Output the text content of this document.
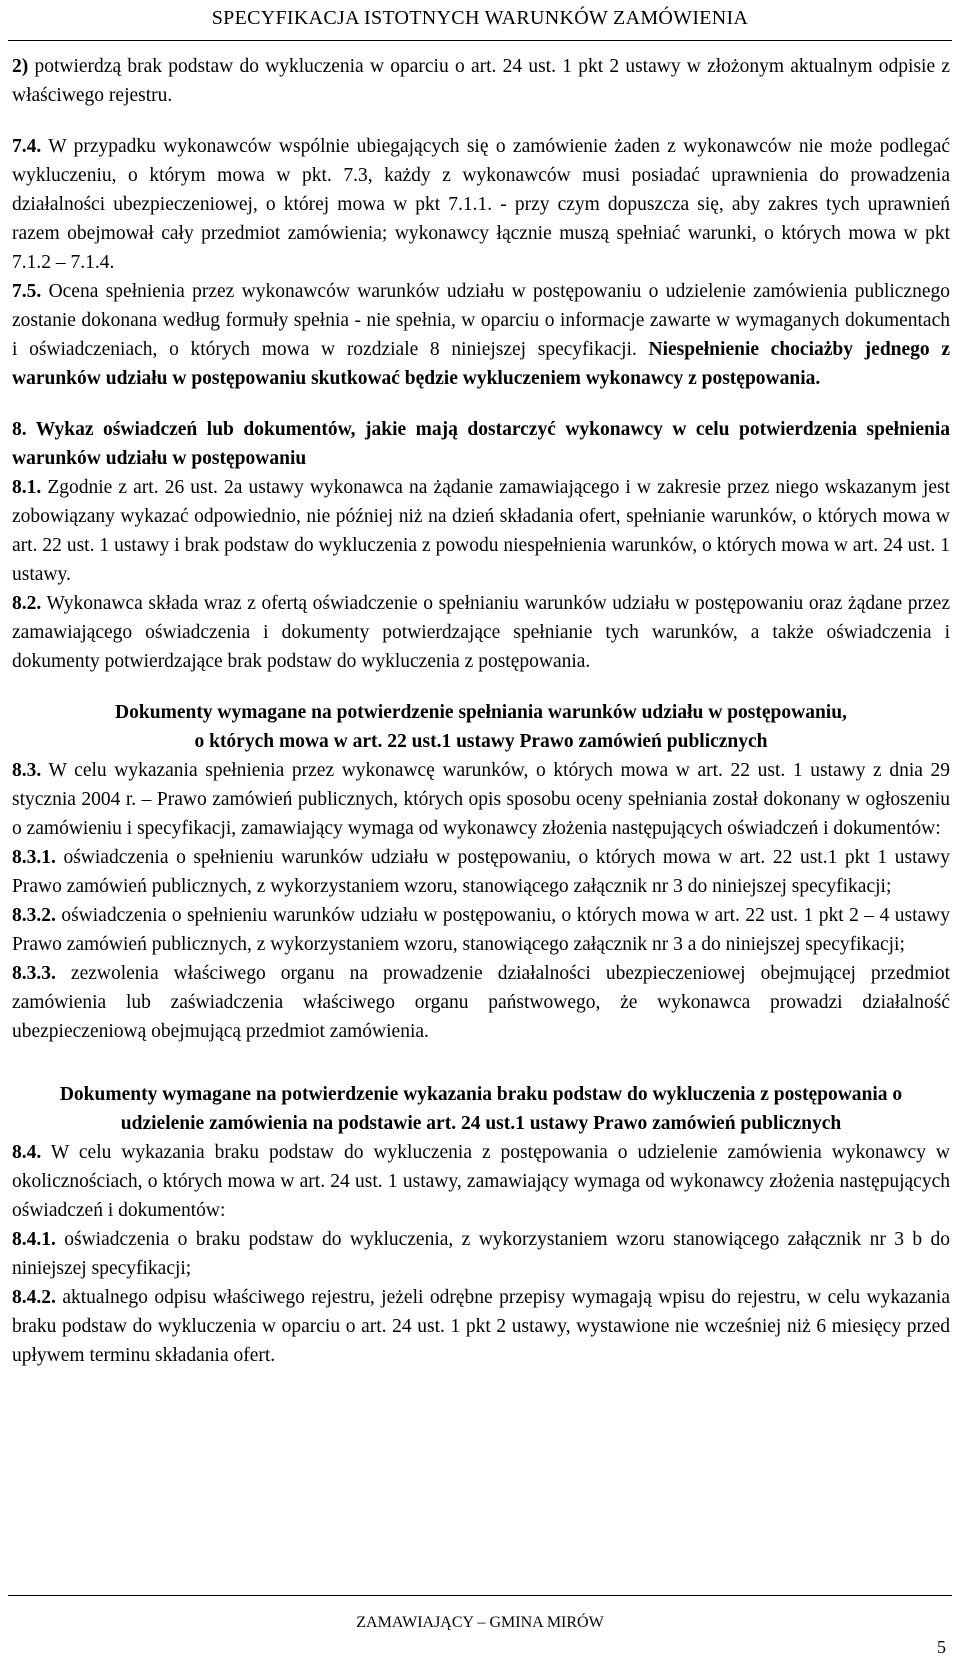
SPECYFIKACJA ISTOTNYCH WARUNKÓW ZAMÓWIENIA

2) potwierdzą brak podstaw do wykluczenia w oparciu o art. 24 ust. 1 pkt 2 ustawy w złożonym aktualnym odpisie z właściwego rejestru.

7.4. W przypadku wykonawców wspólnie ubiegających się o zamówienie żaden z wykonawców nie może podlegać wykluczeniu, o którym mowa w pkt. 7.3, każdy z wykonawców musi posiadać uprawnienia do prowadzenia działalności ubezpieczeniowej, o której mowa w pkt 7.1.1. - przy czym dopuszcza się, aby zakres tych uprawnień razem obejmował cały przedmiot zamówienia; wykonawcy łącznie muszą spełniać warunki, o których mowa w pkt 7.1.2 – 7.1.4.

7.5. Ocena spełnienia przez wykonawców warunków udziału w postępowaniu o udzielenie zamówienia publicznego zostanie dokonana według formuły spełnia - nie spełnia, w oparciu o informacje zawarte w wymaganych dokumentach i oświadczeniach, o których mowa w rozdziale 8 niniejszej specyfikacji. Niespełnienie chociażby jednego z warunków udziału w postępowaniu skutkować będzie wykluczeniem wykonawcy z postępowania.

8. Wykaz oświadczeń lub dokumentów, jakie mają dostarczyć wykonawcy w celu potwierdzenia spełnienia warunków udziału w postępowaniu

8.1. Zgodnie z art. 26 ust. 2a ustawy wykonawca na żądanie zamawiającego i w zakresie przez niego wskazanym jest zobowiązany wykazać odpowiednio, nie później niż na dzień składania ofert, spełnianie warunków, o których mowa w art. 22 ust. 1 ustawy i brak podstaw do wykluczenia z powodu niespełnienia warunków, o których mowa w art. 24 ust. 1 ustawy.

8.2. Wykonawca składa wraz z ofertą oświadczenie o spełnianiu warunków udziału w postępowaniu oraz żądane przez zamawiającego oświadczenia i dokumenty potwierdzające spełnianie tych warunków, a także oświadczenia i dokumenty potwierdzające brak podstaw do wykluczenia z postępowania.

Dokumenty wymagane na potwierdzenie spełniania warunków udziału w postępowaniu,
o których mowa w art. 22 ust.1 ustawy Prawo zamówień publicznych

8.3. W celu wykazania spełnienia przez wykonawcę warunków, o których mowa w art. 22 ust. 1 ustawy z dnia 29 stycznia 2004 r. – Prawo zamówień publicznych, których opis sposobu oceny spełniania został dokonany w ogłoszeniu o zamówieniu i specyfikacji, zamawiający wymaga od wykonawcy złożenia następujących oświadczeń i dokumentów:

8.3.1. oświadczenia o spełnieniu warunków udziału w postępowaniu, o których mowa w art. 22 ust.1 pkt 1 ustawy Prawo zamówień publicznych, z wykorzystaniem wzoru, stanowiącego załącznik nr 3 do niniejszej specyfikacji;

8.3.2. oświadczenia o spełnieniu warunków udziału w postępowaniu, o których mowa w art. 22 ust. 1 pkt 2 – 4 ustawy Prawo zamówień publicznych, z wykorzystaniem wzoru, stanowiącego załącznik nr 3 a do niniejszej specyfikacji;

8.3.3. zezwolenia właściwego organu na prowadzenie działalności ubezpieczeniowej obejmującej przedmiot zamówienia lub zaświadczenia właściwego organu państwowego, że wykonawca prowadzi działalność ubezpieczeniową obejmującą przedmiot zamówienia.

Dokumenty wymagane na potwierdzenie wykazania braku podstaw do wykluczenia z postępowania o udzielenie zamówienia na podstawie art. 24 ust.1 ustawy Prawo zamówień publicznych

8.4. W celu wykazania braku podstaw do wykluczenia z postępowania o udzielenie zamówienia wykonawcy w okolicznościach, o których mowa w art. 24 ust. 1 ustawy, zamawiający wymaga od wykonawcy złożenia następujących oświadczeń i dokumentów:

8.4.1. oświadczenia o braku podstaw do wykluczenia, z wykorzystaniem wzoru stanowiącego załącznik nr 3 b do niniejszej specyfikacji;

8.4.2. aktualnego odpisu właściwego rejestru, jeżeli odrębne przepisy wymagają wpisu do rejestru, w celu wykazania braku podstaw do wykluczenia w oparciu o art. 24 ust. 1 pkt 2 ustawy, wystawione nie wcześniej niż 6 miesięcy przed upływem terminu składania ofert.

ZAMAWIAJĄCY – GMINA MIRÓW
5
